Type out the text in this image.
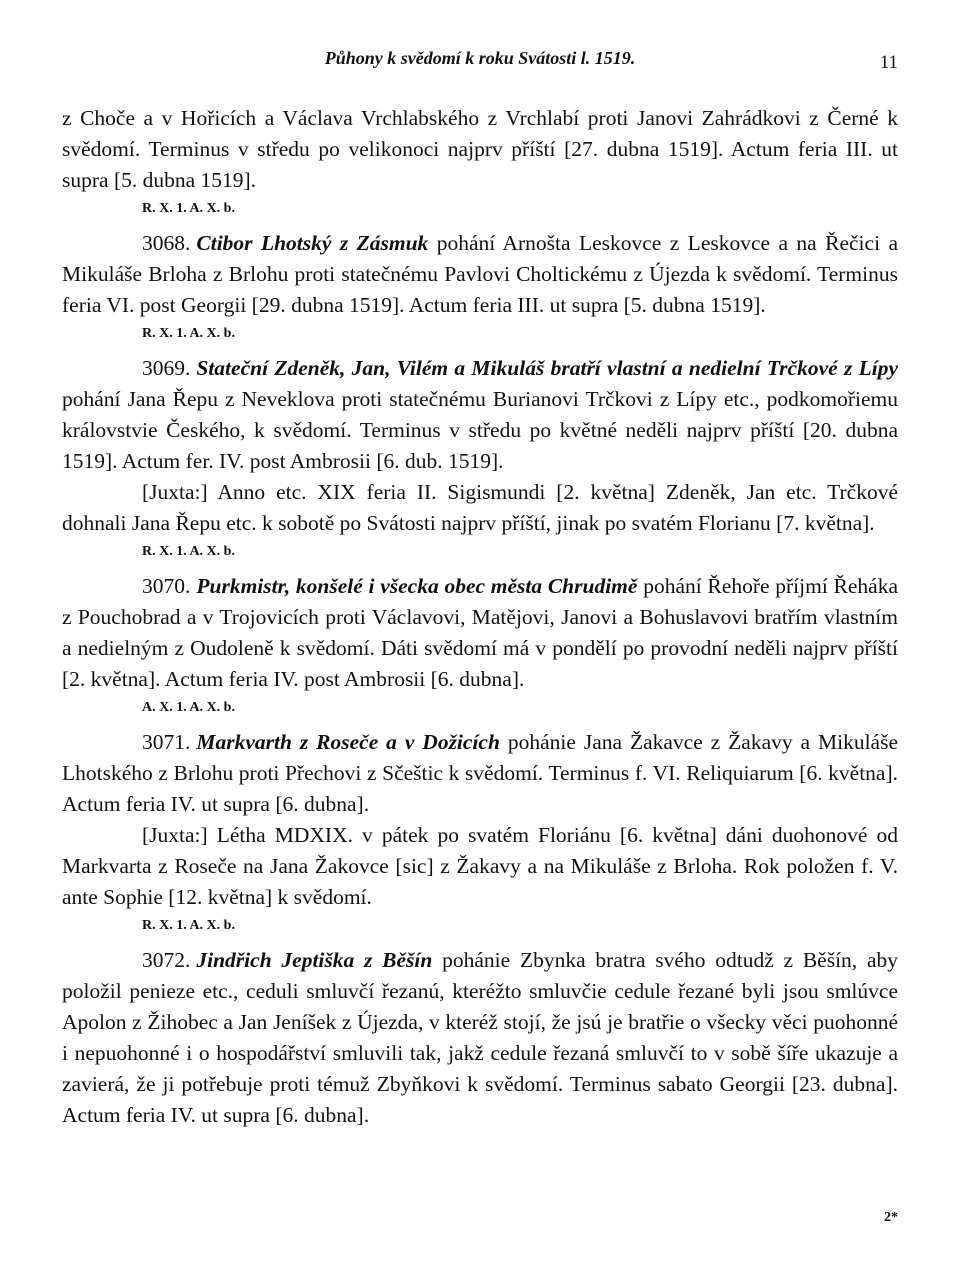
Půhony k svědomí k roku Svátosti l. 1519.	11

z Choče a v Hořicích a Václava Vrchlabského z Vrchlabí proti Janovi Zahrádkovi z Černé k svědomí. Terminus v středu po velikonoci najprv příští [27. dubna 1519]. Actum feria III. ut supra [5. dubna 1519].

R. X. 1. A. X. b.

3068. Ctibor Lhotský z Zásmuk pohání Arnošta Leskovce z Leskovce a na Řečici a Mikuláše Brloha z Brlohu proti statečnému Pavlovi Choltickému z Újezda k svědomí. Terminus feria VI. post Georgii [29. dubna 1519]. Actum feria III. ut supra [5. dubna 1519].

R. X. 1. A. X. b.

3069. Stateční Zdeněk, Jan, Vilém a Mikuláš bratří vlastní a nedielní Trčkové z Lípy pohání Jana Řepu z Neveklova proti statečnému Burianovi Trčkovi z Lípy etc., podkomořiemu královstvie Českého, k svědomí. Terminus v středu po květné neděli najprv příští [20. dubna 1519]. Actum fer. IV. post Ambrosii [6. dub. 1519].

[Juxta:] Anno etc. XIX feria II. Sigismundi [2. května] Zdeněk, Jan etc. Trčkové dohnali Jana Řepu etc. k sobotě po Svátosti najprv příští, jinak po svatém Florianu [7. května].

R. X. 1. A. X. b.

3070. Purkmistr, konšelé i všecka obec města Chrudimě pohání Řehoře příjmí Řeháka z Pouchobrad a v Trojovicích proti Václavovi, Matějovi, Janovi a Bohuslavovi bratřím vlastním a nedielným z Oudoleně k svědomí. Dáti svědomí má v pondělí po provodní neděli najprv příští [2. května]. Actum feria IV. post Ambrosii [6. dubna].

A. X. 1. A. X. b.

3071. Markvarth z Roseče a v Dožicích pohánie Jana Žakavce z Žakavy a Mikuláše Lhotského z Brlohu proti Přechovi z Sčeštic k svědomí. Terminus f. VI. Reliquiarum [6. května]. Actum feria IV. ut supra [6. dubna].

[Juxta:] Létha MDXIX. v pátek po svatém Floriánu [6. května] dáni duohonové od Markvarta z Roseče na Jana Žakovce [sic] z Žakavy a na Mikuláše z Brloha. Rok položen f. V. ante Sophie [12. května] k svědomí.

R. X. 1. A. X. b.

3072. Jindřich Jeptiška z Běšín pohánie Zbynka bratra svého odtudž z Běšín, aby položil penieze etc., ceduli smluvčí řezanú, kteréžto smluvčie cedule řezané byli jsou smlúvce Apolon z Žihobec a Jan Jeníšek z Újezda, v kteréž stojí, že jsú je bratřie o všecky věci puohonné i nepuohonné i o hospodářství smluvili tak, jakž cedule řezaná smluvčí to v sobě šíře ukazuje a zavierá, že ji potřebuje proti témuž Zbyňkovi k svědomí. Terminus sabato Georgii [23. dubna]. Actum feria IV. ut supra [6. dubna].

2*
